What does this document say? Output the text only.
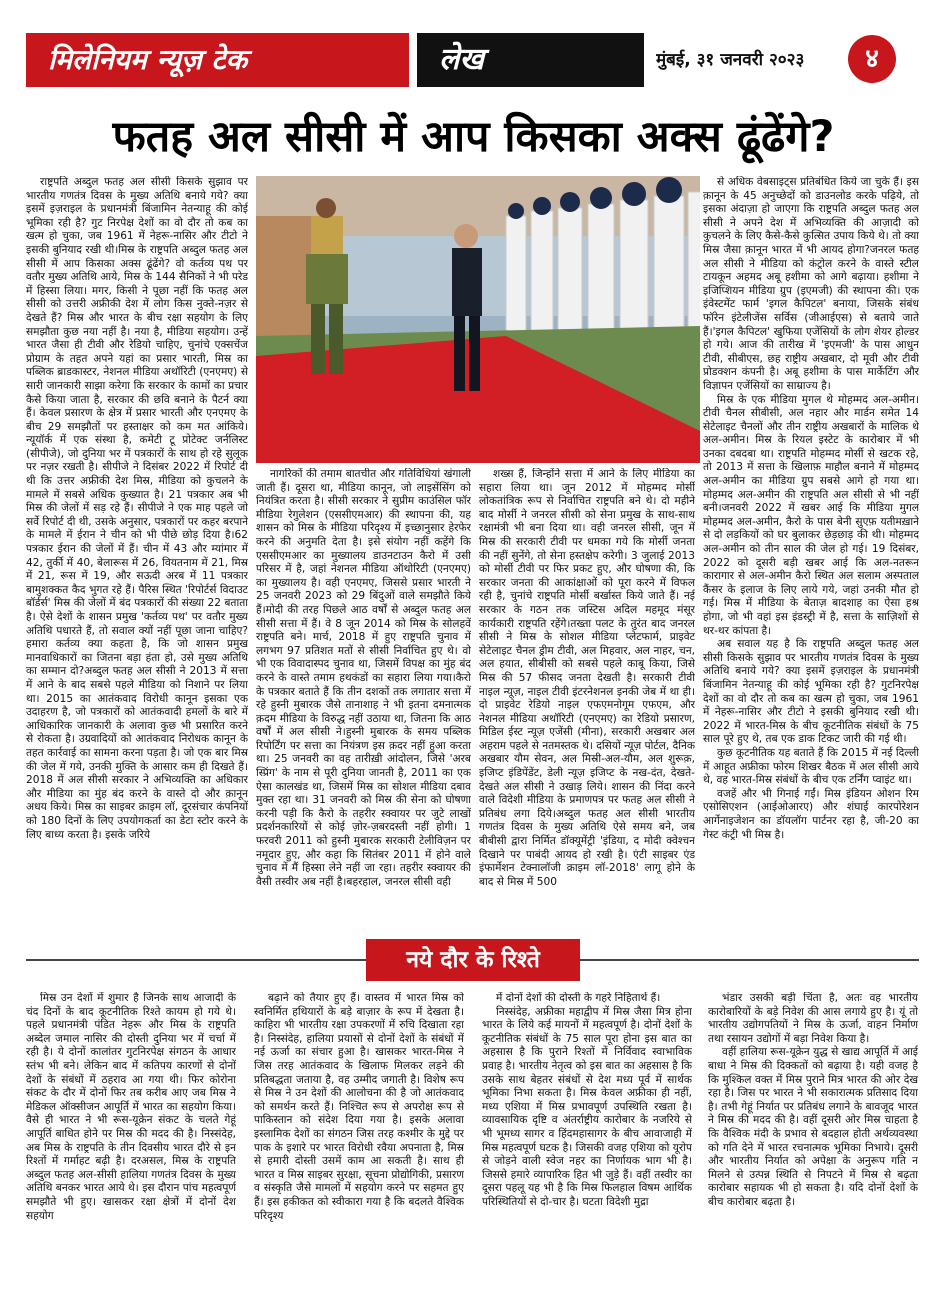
मिलेनियम न्यूज़ टेक	लेख	मुंबई, ३१ जनवरी २०२३	४
फतह अल सीसी में आप किसका अक्स ढूंढेंगे?

राष्ट्रपति अब्दुल फतह अल सीसी किसके सुझाव पर भारतीय गणतंत्र दिवस के मुख्य अतिथि बनाये गये? क्या इसमें इज़राइल के प्रधानमंत्री बिंजामिन नेतन्याहू की कोई भूमिका रही है? गुट निरपेक्ष देशों का वो दौर तो कब का खत्म हो चुका, जब 1961 में नेहरू-नासिर और टीटो ने इसकी बुनियाद रखी थी।मिस्र के राष्ट्रपति अब्दुल फतह अल सीसी में आप किसका अक्स ढूंढेंगे? वो कर्तव्य पथ पर वतौर मुख्य अतिथि आये, मिस्र के 144 सैनिकों ने भी परेड में हिस्सा लिया। मगर, किसी ने पूछा नहीं कि फतह अल सीसी को उत्तरी अफ्रीकी देश में लोग किस नुक्ते-नज़र से देखते हैं? मिस्र और भारत के बीच रक्षा सहयोग के लिए समझौता कुछ नया नहीं है। नया है, मीडिया सहयोग। उन्हें भारत जैसा ही टीवी और रेडियो चाहिए, चुनांचे एक्सचेंज प्रोग्राम के तहत अपने यहां का प्रसार भारती, मिस्र का पब्लिक ब्राडकास्टर, नेशनल मीडिया अथॉरिटी (एनएमए) से सारी जानकारी साझा करेगा कि सरकार के कामों का प्रचार कैसे किया जाता है, सरकार की छवि बनाने के पैटर्न क्या हैं। केवल प्रसारण के क्षेत्र में प्रसार भारती और एनएमए के बीच 29 समझौतों पर हस्ताक्षर को कम मत आंकिये।न्यूयॉर्क में एक संस्था है, कमेटी टू प्रोटेक्ट जर्नलिस्ट (सीपीजे), जो दुनिया भर में पत्रकारों के साथ हो रहे सुलूक पर नज़र रखती है। सीपीजे ने दिसंबर 2022 में रिपोर्ट दी थी कि उत्तर अफ्रीकी देश मिस्र, मीडिया को कुचलने के मामले में सबसे अधिक कुख्यात है। 21 पत्रकार अब भी मिस्र की जेलों में सड़ रहे हैं। सीपीजे ने एक माह पहले जो सर्वे रिपोर्ट दी थी, उसके अनुसार, पत्रकारों पर कहर बरपाने के मामले में ईरान ने चीन को भी पीछे छोड़ दिया है।62 पत्रकार ईरान की जेलों में हैं। चीन में 43 और म्यांमार में 42, तुर्की में 40, बेलारूस में 26, वियतनाम में 21, मिस्र में 21, रूस में 19, और सऊदी अरब में 11 पत्रकार बामुशक्कत कैद भुगत रहे हैं। पैरिस स्थित 'रिपोर्टर्स विदाउट बॉर्डर्स' मिस्र की जेलों में बंद पत्रकारों की संख्या 22 बताता है। ऐसे देशों के शासन प्रमुख 'कर्तव्य पथ' पर वतौर मुख्य अतिथि पधारते हैं, तो सवाल क्यों नहीं पूछा जाना चाहिए? हमारा कर्तव्य क्या कहता है, कि जो शासन प्रमुख मानवाधिकारों का जितना बड़ा हंता हो, उसे मुख्य अतिथि का सम्मान दो?अब्दुल फतह अल सीसी ने 2013 में सत्ता में आने के बाद सबसे पहले मीडिया को निशाने पर लिया था। 2015 का आतंकवाद विरोधी कानून इसका एक उदाहरण है, जो पत्रकारों को आतंकवादी हमलों के बारे में आधिकारिक जानकारी के अलावा कुछ भी प्रसारित करने से रोकता है। उग्रवादियों को आतंकवाद निरोधक कानून के तहत कार्रवाई का सामना करना पड़ता है। जो एक बार मिस्र की जेल में गये, उनकी मुक्ति के आसार कम ही दिखते हैं।2018 में अल सीसी सरकार ने अभिव्यक्ति का अधिकार और मीडिया का मुंह बंद करने के वास्ते दो और क़ानून अधय किये। मिस्र का साइबर क्राइम लॉ, दूरसंचार कंपनियों को 180 दिनों के लिए उपयोगकर्ता का डेटा स्टोर करने के लिए बाध्य करता है। इसके जरिये

नागरिकों की तमाम बातचीत और गतिविधियां खंगाली जाती हैं। दूसरा था, मीडिया कानून, जो लाइसेंसिंग को नियंत्रित करता है। सीसी सरकार ने सुप्रीम काउंसिल फॉर मीडिया रेगुलेशन (एससीएमआर) की स्थापना की, यह शासन को मिस्र के मीडिया परिदृश्य में इच्छानुसार हेरफेर करने की अनुमति देता है। इसे संयोग नहीं कहेंगे कि एससीएमआर का मुख्यालय डाउनटाउन कैरो में उसी परिसर में है, जहां नेशनल मीडिया ऑथोरिटी (एनएमए) का मुख्यालय है। वही एनएमए, जिससे प्रसार भारती ने 25 जनवरी 2023 को 29 बिंदुओं वाले समझौते किये हैं।मोदी की तरह पिछले आठ वर्षों से अब्दुल फतह अल सीसी सत्ता में हैं। वे 8 जून 2014 को मिस्र के सोलहवें राष्ट्रपति बने। मार्च, 2018 में हुए राष्ट्रपति चुनाव में लगभग 97 प्रतिशत मतों से सीसी निर्वाचित हुए थे। वो भी एक विवादास्पद चुनाव था, जिसमें विपक्ष का मुंह बंद करने के वास्ते तमाम हथकंडों का सहारा लिया गया।कैरो के पत्रकार बताते हैं कि तीन दशकों तक लगातार सत्ता में रहे हुस्नी मुबारक जैसे तानाशाह ने भी इतना दमनात्मक क़दम मीडिया के विरुद्ध नहीं उठाया था, जितना कि आठ वर्षों में अल सीसी ने।हुस्नी मुबारक के समय पब्लिक रिपोर्टिंग पर सत्ता का नियंत्रण इस क़दर नहीं हुआ करता था। 25 जनवरी का वह तारीख़ी आंदोलन, जिसे 'अरब स्प्रिंग' के नाम से पूरी दुनिया जानती है, 2011 का एक ऐसा कालखंड था, जिसमें मिस्र का सोशल मीडिया दबाव मुक्त रहा था। 31 जनवरी को मिस्र की सेना को घोषणा करनी पड़ी कि कैरो के तहरीर स्क्वायर पर जुटे लाखों प्रदर्शनकारियों से कोई ज़ोर-ज़बरदस्ती नहीं होगी। 1 फरवरी 2011 को हुस्नी मुबारक सरकारी टेलीविज़न पर नमूदार हुए, और कहा कि सितंबर 2011 में होने वाले चुनाव में मैं हिस्सा लेने नहीं जा रहा। तहरीर स्क्वायर की वैसी तस्वीर अब नहीं है।बहरहाल, जनरल सीसी वही

शख्स हैं, जिन्होंने सत्ता में आने के लिए मीडिया का सहारा लिया था। जून 2012 में मोहम्मद मोर्सी लोकतांत्रिक रूप से निर्वाचित राष्ट्रपति बने थे। दो महीने बाद मोर्सी ने जनरल सीसी को सेना प्रमुख के साथ-साथ रक्षामंत्री भी बना दिया था। वही जनरल सीसी, जून में मिस्र की सरकारी टीवी पर धमका गये कि मोर्सी जनता की नहीं सुनेंगे, तो सेना हस्तक्षेप करेगी। 3 जुलाई 2013 को मोर्सी टीवी पर फिर प्रकट हुए, और घोषणा की, कि सरकार जनता की आकांक्षाओं को पूरा करने में विफल रही है, चुनांचे राष्ट्रपति मोर्सी बर्खास्त किये जाते हैं। नई सरकार के गठन तक जस्टिस अदिल महमूद मंसूर कार्यकारी राष्ट्रपति रहेंगे।तख्ता पलट के तुरंत बाद जनरल सीसी ने मिस्र के सोशल मीडिया प्लेटफार्म, प्राइवेट सेटेलाइट चैनल ड्रीम टीवी, अल मिहवार, अल नाहर, चन, अल हयात, सीबीसी को सबसे पहले काबू किया, जिसे मिस्र की 57 फीसद जनता देखती है। सरकारी टीवी नाइल न्यूज़, नाइल टीवी इंटरनेशनल इनकी जेब में था ही। दो प्राइवेट रेडियो नाइल एफएमनोगूम एफएम, और नेशनल मीडिया अथॉरिटी (एनएमए) का रेडियो प्रसारण, मिडिल ईस्ट न्यूज़ एजेंसी (मीना), सरकारी अखबार अल अहराम पहले से नतमस्तक थे। दसियों न्यूज़ पोर्टल, दैनिक अखबार यौम सेवन, अल मिस्री-अल-यौम, अल शुरूक़, इजिप्ट इंडिपेंडेंट, डेली न्यूज़ इजिप्ट के नख-दंत, देखते-देखते अल सीसी ने उखाड़ लिये। शासन की निंदा करने वाले विदेशी मीडिया के प्रमाणपत्र पर फतह अल सीसी ने प्रतिबंध लगा दिये।अब्दुल फतह अल सीसी भारतीय गणतंत्र दिवस के मुख्य अतिथि ऐसे समय बने, जब बीबीसी द्वारा निर्मित डॉक्यूमेंट्री 'इंडिया, द मोदी क्वेश्चन दिखाने पर पाबंदी आयद हो रखी है। एंटी साइबर एंड इंफार्मेशन टेक्नालॉजी क्राइम लॉ-2018' लागू होने के बाद से मिस्र में 500

से अधिक वेबसाइट्स प्रतिबंधित किये जा चुके हैं। इस क़ानून के 45 अनुच्छेदों को डाउनलोड करके पढ़िये, तो इसका अंदाज़ा हो जाएगा कि राष्ट्रपति अब्दुल फतह अल सीसी ने अपने देश में अभिव्यक्ति की आज़ादी को कुचलने के लिए कैसे-कैसे कुत्सित उपाय किये थे। तो क्या मिस्र जैसा क़ानून भारत में भी आयद होगा?जनरल फतह अल सीसी ने मीडिया को कंट्रोल करने के वास्ते स्टील टायकून अहमद अबू हशीमा को आगे बढ़ाया। हशीमा ने इजिप्शियन मीडिया ग्रुप (इएमजी) की स्थापना की। एक इंवेस्टमेंट फार्म 'इगल कैपिटल' बनाया, जिसके संबंध फॉरेन इंटेलीजेंस सर्विस (जीआईएस) से बताये जाते हैं।'इगल कैपिटल' खुफिया एजेंसियों के लोग शेयर होल्डर हो गये। आज की तारीख में 'इएमजी' के पास आधुन टीवी, सीबीएस, छह राष्ट्रीय अखबार, दो मूवी और टीवी प्रोडक्शन कंपनी है। अबू हशीमा के पास मार्केटिंग और विज्ञापन एजेंसियों का साम्राज्य है।

मिस्र के एक मीडिया मुगल थे मोहम्मद अल-अमीन। टीवी चैनल सीबीसी, अल नहार और मार्डन समेत 14 सेटेलाइट चैनलों और तीन राष्ट्रीय अखबारों के मालिक थे अल-अमीन। मिस्र के रियल इस्टेट के कारोबार में भी उनका दबदबा था। राष्ट्रपति मोहम्मद मोर्सी से खटक रहे, तो 2013 में सत्ता के खिलाफ़ माहौल बनाने में मोहम्मद अल-अमीन का मीडिया ग्रुप सबसे आगे हो गया था। मोहम्मद अल-अमीन की राष्ट्रपति अल सीसी से भी नहीं बनी।जनवरी 2022 में खबर आई कि मीडिया मुगल मोहम्मद अल-अमीन, कैरो के पास बेनी सुएफ़ यतीमख़ाने से दो लड़कियों को घर बुलाकर छेड़छाड़ की थी। मोहम्मद अल-अमीन को तीन साल की जेल हो गई। 19 दिसंबर, 2022 को दूसरी बड़ी खबर आई कि अल-नतरून कारागार से अल-अमीन कैरो स्थित अल सलाम अस्पताल कैंसर के इलाज के लिए लाये गये, जहां उनकी मौत हो गई। मिस्र में मीडिया के बेताज़ बादशाह का ऐसा हश्र होगा, जो भी वहां इस इंडस्ट्री में है, सत्ता के साज़िशों से थर-थर कांपता है।

अब सवाल यह है कि राष्ट्रपति अब्दुल फतह अल सीसी किसके सुझाव पर भारतीय गणतंत्र दिवस के मुख्य अतिथि बनाये गये? क्या इसमें इज़राइल के प्रधानमंत्री बिंजामिन नेतन्याहू की कोई भूमिका रही है? गुटनिरपेक्ष देशों का वो दौर तो कब का खत्म हो चुका, जब 1961 में नेहरू-नासिर और टीटो ने इसकी बुनियाद रखी थी। 2022 में भारत-मिस्र के बीच कूटनीतिक संबंधों के 75 साल पूरे हुए थे, तब एक डाक टिकट जारी की गई थी।

कुछ कूटनीतिक यह बताते हैं कि 2015 में नई दिल्ली में आहूत अफ्रीका फोरम शिखर बैठक में अल सीसी आये थे, वह भारत-मिस्र संबंधों के बीच एक टर्निंग प्वाइंट था।

वजहें और भी गिनाई गईं। मिस्र इंडियन ओशन रिम एसोसिएशन (आईओआरए) और शंघाई कारपोरेशन आर्गेनाइजेशन का डॉयलॉग पार्टनर रहा है, जी-20 का गेस्ट कंट्री भी मिस्र है।

नये दौर के रिश्ते

मिस्र उन देशों में शुमार है जिनके साथ आजादी के चंद दिनों के बाद कूटनीतिक रिश्ते कायम हो गये थे। पहले प्रधानमंत्री पंडित नेहरू और मिस्र के राष्ट्रपति अब्देल जमाल नासिर की दोस्ती दुनिया भर में चर्चा में रही है। ये दोनों कालांतर गुटनिरपेक्ष संगठन के आधार स्तंभ भी बने। लेकिन बाद में कतिपय कारणों से दोनों देशों के संबंधों में ठहराव आ गया थी। फिर कोरोना संकट के दौर में दोनों फिर तब करीब आए जब मिस्र ने मेडिकल ऑक्सीजन आपूर्ति में भारत का सहयोग किया। वैसे ही भारत ने भी रूस-यूक्रेन संकट के चलते गेहूं आपूर्ति बाधित होने पर मिस्र की मदद की है। निस्संदेह, अब मिस्र के राष्ट्रपति के तीन दिवसीय भारत दौरे से इन रिश्तों में गर्माहट बढ़ी है। दरअसल, मिस्र के राष्ट्रपति अब्दुल फतह अल-सीसी हालिया गणतंत्र दिवस के मुख्य अतिथि बनकर भारत आये थे। इस दौरान पांच महत्वपूर्ण समझौते भी हुए। खासकर रक्षा क्षेत्रों में दोनों देश सहयोग

बढ़ाने को तैयार हुए हैं। वास्तव में भारत मिस्र को स्वनिर्मित हथियारों के बड़े बाज़ार के रूप में देखता है। काहिरा भी भारतीय रक्षा उपकरणों में रुचि दिखाता रहा है। निस्संदेह, हालिया प्रयासों से दोनों देशों के संबंधों में नई ऊर्जा का संचार हुआ है। खासकर भारत-मिस्र ने जिस तरह आतंकवाद के खिलाफ मिलकर लड़ने की प्रतिबद्धता जताया है, वह उम्मीद जगाती है। विशेष रूप से मिस्र ने उन देशों की आलोचना की है जो आतंकवाद को समर्थन करते हैं। निश्चित रूप से अपरोक्ष रूप से पाकिस्तान को संदेश दिया गया है। इसके अलावा इस्लामिक देशों का संगठन जिस तरह कश्मीर के मुद्दे पर पाक के इशारे पर भारत विरोधी रवैया अपनाता है, मिस्र से हमारी दोस्ती उसमें काम आ सकती है। साथ ही भारत व मिस्र साइबर सुरक्षा, सूचना प्रोद्योगिकी, प्रसारण व संस्कृति जैसे मामलों में सहयोग करने पर सहमत हुए हैं। इस हकीकत को स्वीकारा गया है कि बदलते वैश्विक परिदृश्य

में दोनों देशों की दोस्ती के गहरे निहितार्थ हैं।

निस्संदेह, अफ्रीका महाद्वीप में मिस्र जैसा मित्र होना भारत के लिये कई मायनों में महत्वपूर्ण है। दोनों देशों के कूटनीतिक संबंधों के 75 साल पूरा होना इस बात का अहसास है कि पुराने रिश्तों में निर्विवाद स्वाभाविक प्रवाह है। भारतीय नेतृत्व को इस बात का अहसास है कि उसके साथ बेहतर संबंधों से देश मध्य पूर्व में सार्थक भूमिका निभा सकता है। मिस्र केवल अफ्रीका ही नहीं, मध्य एशिया में मिस्र प्रभावपूर्ण उपस्थिति रखता है। व्यावसायिक दृष्टि व अंतर्राष्ट्रीय कारोबार के नजरिये से भी भूमध्य सागर व हिंदमहासागर के बीच आवाजाही में मिस्र महत्वपूर्ण घटक है। जिसकी वजह एशिया को यूरोप से जोड़ने वाली स्वेज नहर का निर्णायक भाग भी है। जिससे हमारे व्यापारिक हित भी जुड़े हैं। वहीं तस्वीर का दूसरा पहलू यह भी है कि मिस्र फिलहाल विषम आर्थिक परिस्थितियों से दो-चार है। घटता विदेशी मुद्रा

भंडार उसकी बड़ी चिंता है, अतः वह भारतीय कारोबारियों के बड़े निवेश की आस लगाये हुए है। यूं तो भारतीय उद्योगपतियों ने मिस्र के ऊर्जा, वाहन निर्माण तथा रसायन उद्योगों में बड़ा निवेश किया है।

वहीं हालिया रूस-यूक्रेन युद्ध से खाद्य आपूर्ति में आई बाधा ने मिस्र की दिक्कतों को बढ़ाया है। यही वजह है कि मुश्किल वक्त में मिस्र पुराने मित्र भारत की ओर देख रहा है। जिस पर भारत ने भी सकारात्मक प्रतिसाद दिया है। तभी गेहूं निर्यात पर प्रतिबंध लगाने के बावजूद भारत ने मिस्र की मदद की है। वहीं दूसरी ओर मिस्र चाहता है कि वैश्विक मंदी के प्रभाव से बदहाल होती अर्थव्यवस्था को गति देने में भारत रचनात्मक भूमिका निभाये। दूसरी और भारतीय निर्यात को अपेक्षा के अनुरूप गति न मिलने से उत्पन्न स्थिति से निपटने में मिस्र से बढ़ता कारोबार सहायक भी हो सकता है। यदि दोनों देशों के बीच कारोबार बढ़ता है।
